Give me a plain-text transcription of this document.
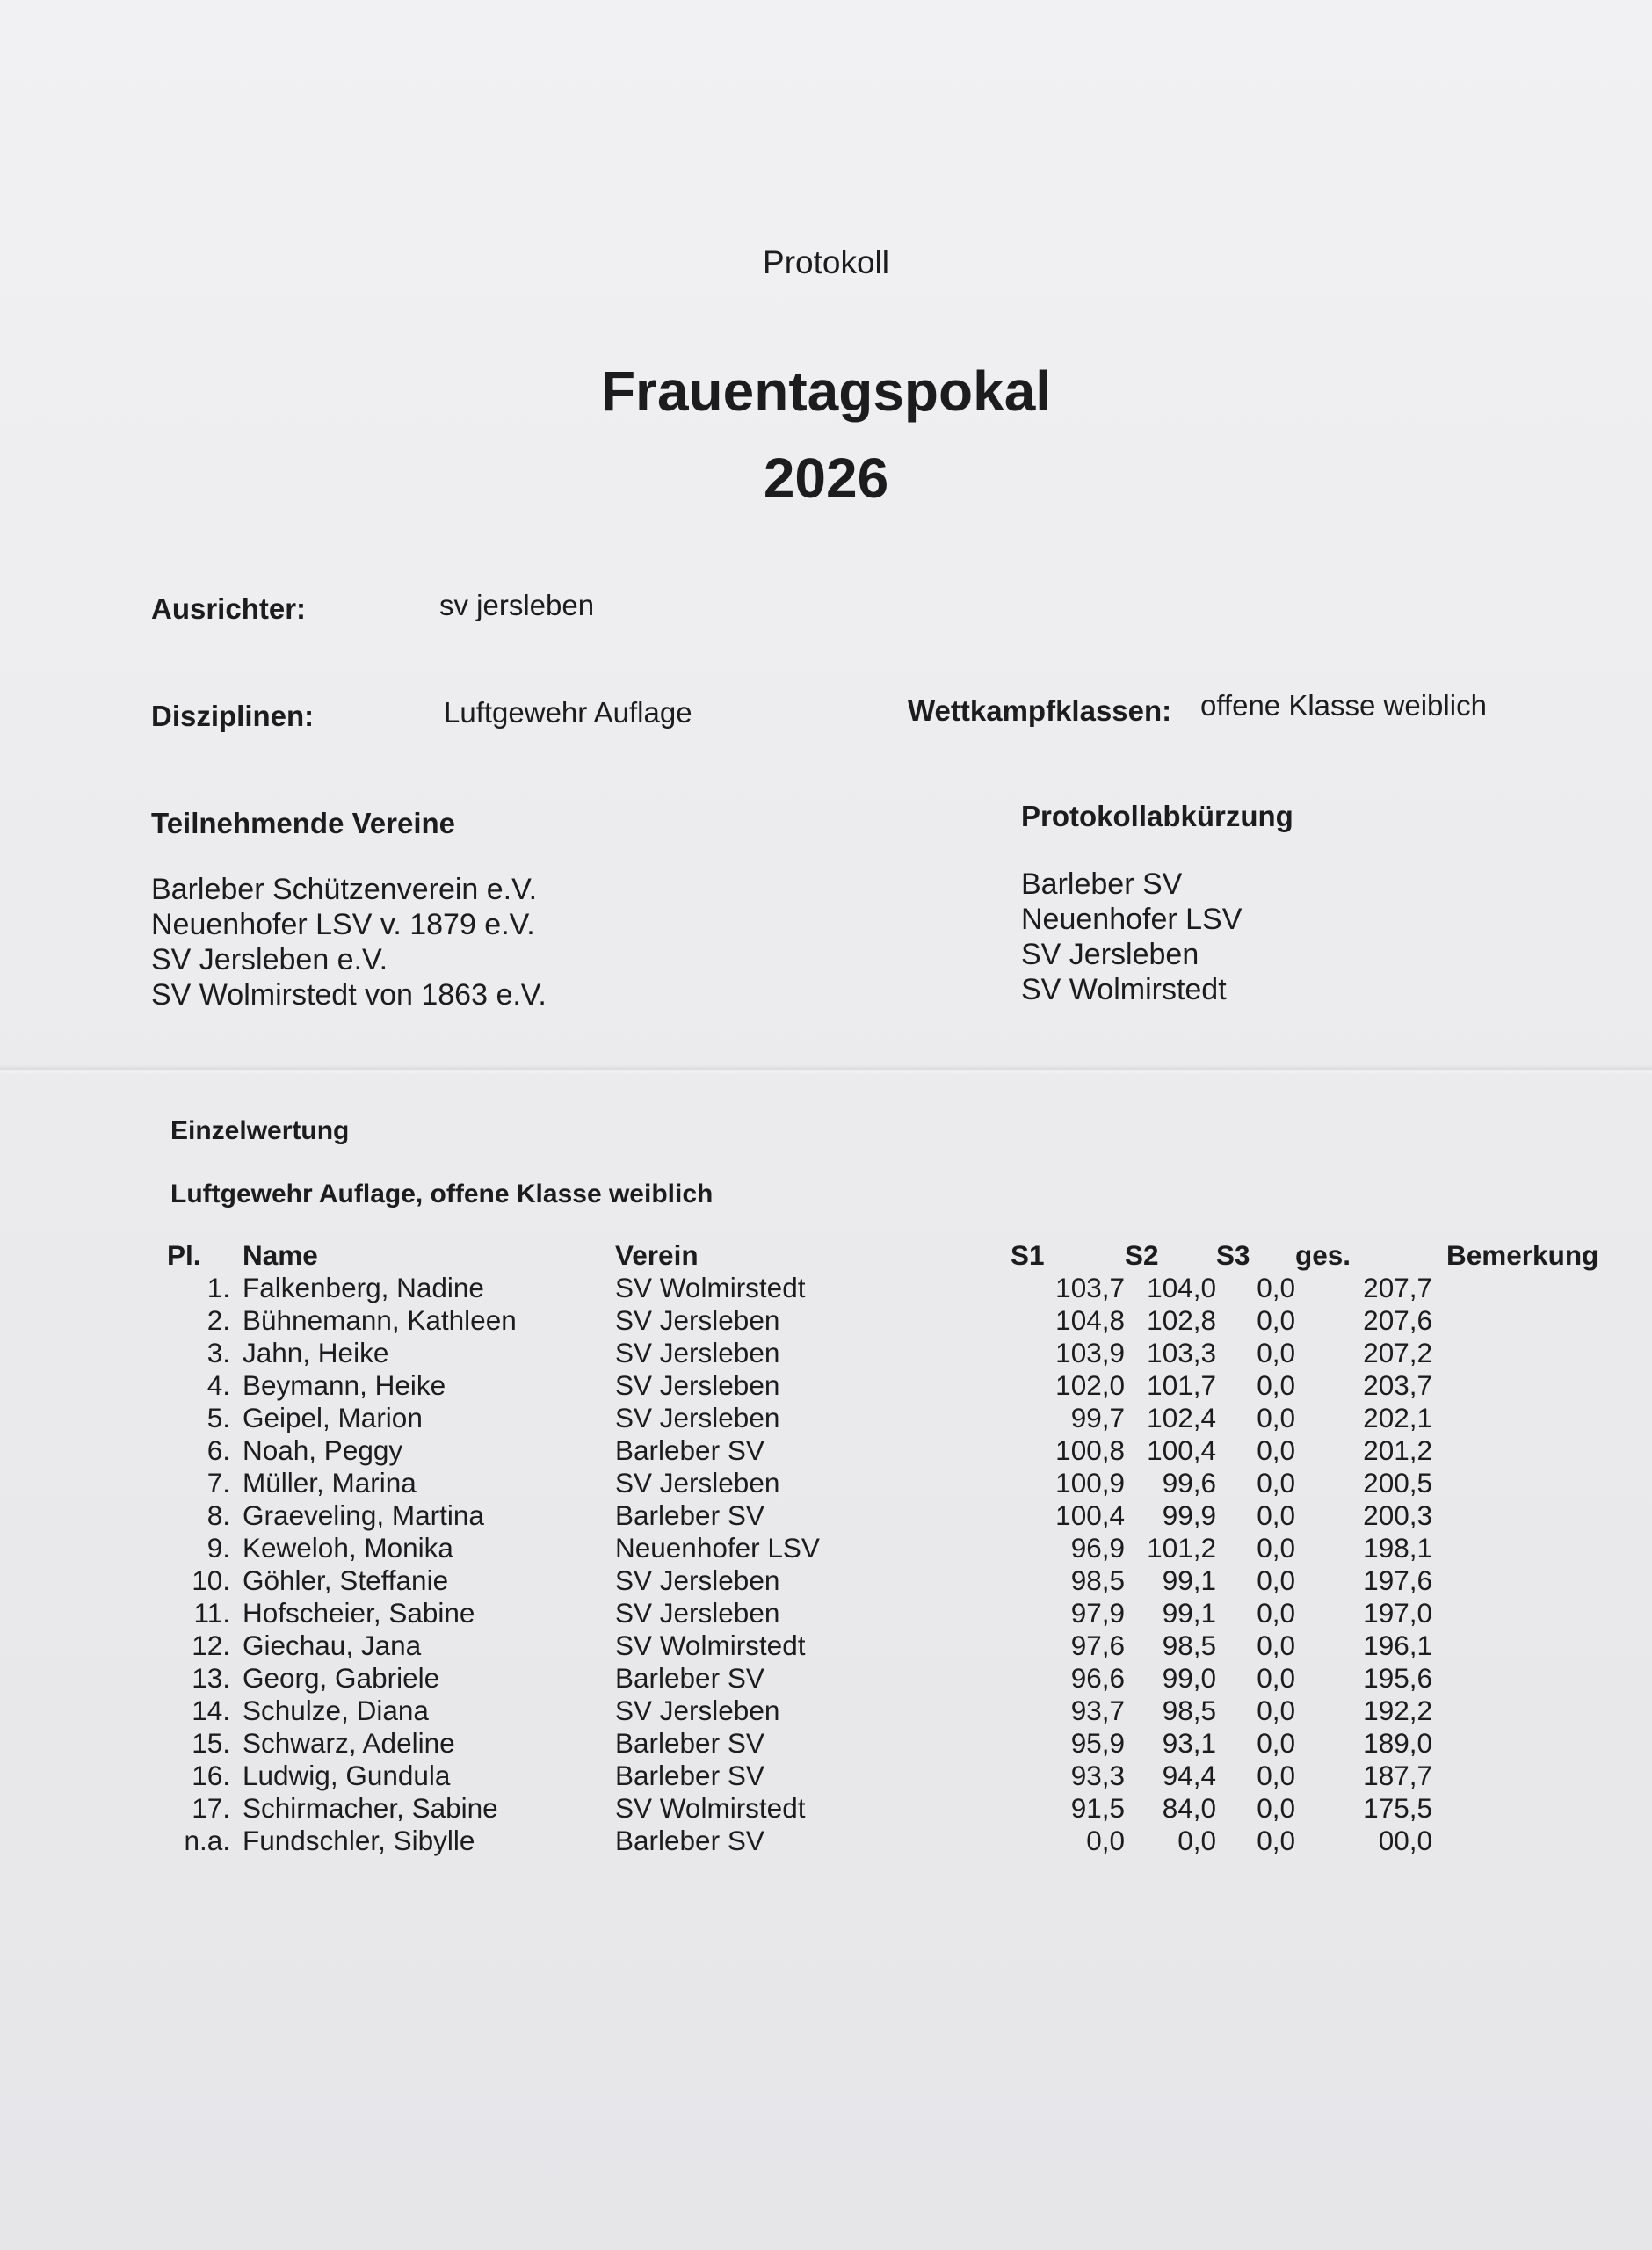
Protokoll
Frauentagspokal
2026
Ausrichter:	sv jersleben
Disziplinen:	Luftgewehr Auflage	Wettkampfklassen: offene Klasse weiblich
Teilnehmende Vereine	Protokollabkürzung
Barleber Schützenverein e.V.
Neuenhofer LSV v. 1879 e.V.
SV Jersleben e.V.
SV Wolmirstedt von 1863 e.V.
Barleber SV
Neuenhofer LSV
SV Jersleben
SV Wolmirstedt
Einzelwertung
Luftgewehr Auflage, offene Klasse weiblich
Pl.	Name	Verein	S1	S2	S3	ges.	Bemerkung
1.	Falkenberg, Nadine	SV Wolmirstedt	103,7	104,0	0,0	207,7	
2.	Bühnemann, Kathleen	SV Jersleben	104,8	102,8	0,0	207,6	
3.	Jahn, Heike	SV Jersleben	103,9	103,3	0,0	207,2	
4.	Beymann, Heike	SV Jersleben	102,0	101,7	0,0	203,7	
5.	Geipel, Marion	SV Jersleben	99,7	102,4	0,0	202,1	
6.	Noah, Peggy	Barleber SV	100,8	100,4	0,0	201,2	
7.	Müller, Marina	SV Jersleben	100,9	99,6	0,0	200,5	
8.	Graeveling, Martina	Barleber SV	100,4	99,9	0,0	200,3	
9.	Keweloh, Monika	Neuenhofer LSV	96,9	101,2	0,0	198,1	
10.	Göhler, Steffanie	SV Jersleben	98,5	99,1	0,0	197,6	
11.	Hofscheier, Sabine	SV Jersleben	97,9	99,1	0,0	197,0	
12.	Giechau, Jana	SV Wolmirstedt	97,6	98,5	0,0	196,1	
13.	Georg, Gabriele	Barleber SV	96,6	99,0	0,0	195,6	
14.	Schulze, Diana	SV Jersleben	93,7	98,5	0,0	192,2	
15.	Schwarz, Adeline	Barleber SV	95,9	93,1	0,0	189,0	
16.	Ludwig, Gundula	Barleber SV	93,3	94,4	0,0	187,7	
17.	Schirmacher, Sabine	SV Wolmirstedt	91,5	84,0	0,0	175,5	
n.a.	Fundschler, Sibylle	Barleber SV	0,0	0,0	0,0	00,0	
